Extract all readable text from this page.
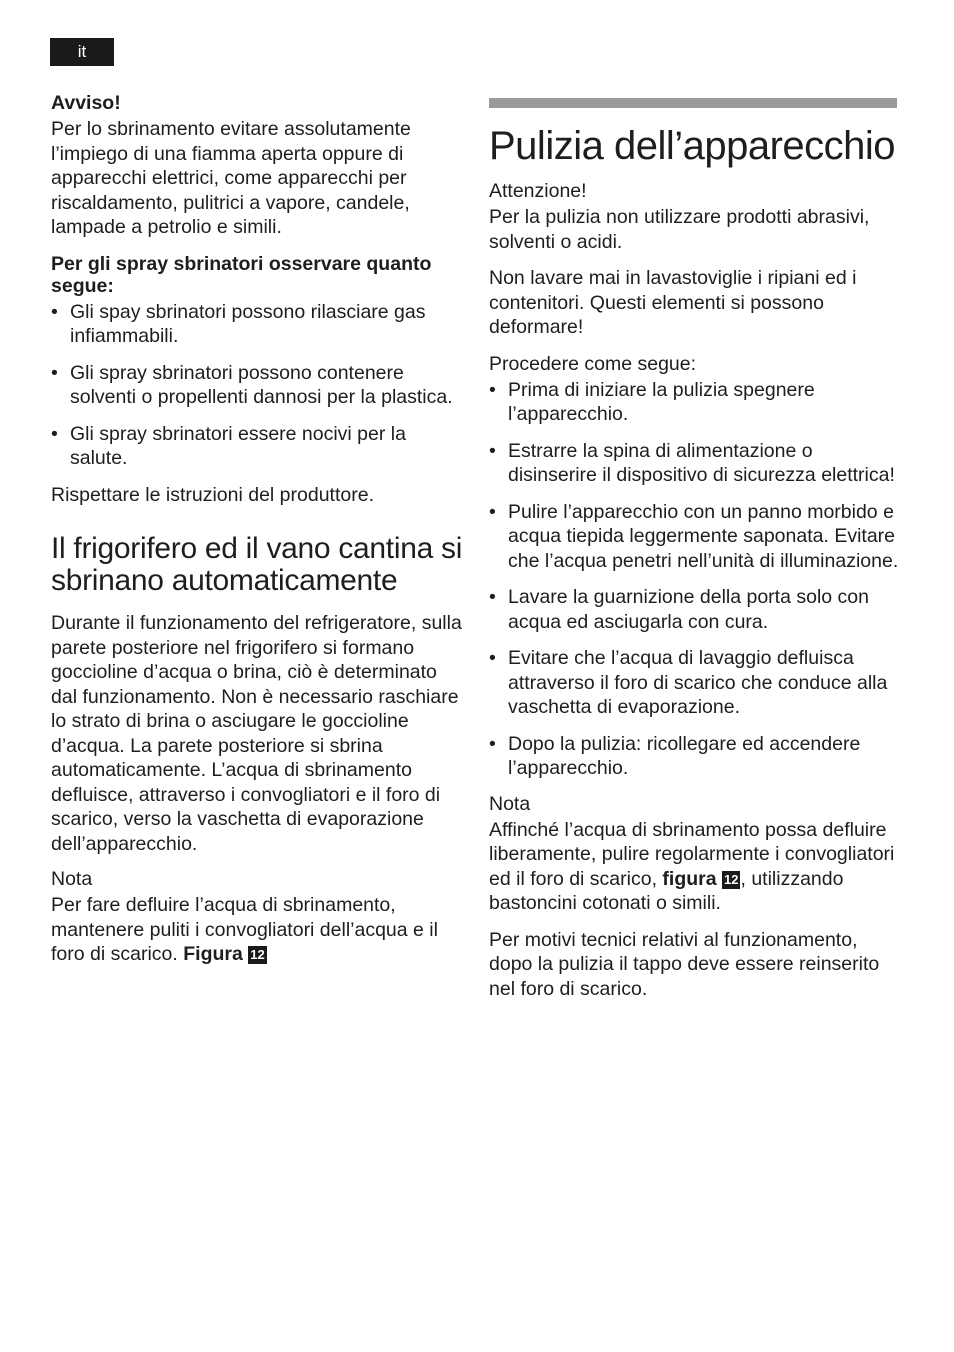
it

Avviso!

Per lo sbrinamento evitare assolutamente l’impiego di una fiamma aperta oppure di apparecchi elettrici, come apparecchi per riscaldamento, pulitrici a vapore, candele, lampade a petrolio e simili.

Per gli spray sbrinatori osservare quanto segue:

• Gli spay sbrinatori possono rilasciare gas infiammabili.
• Gli spray sbrinatori possono contenere solventi o propellenti dannosi per la plastica.
• Gli spray sbrinatori essere nocivi per la salute.

Rispettare le istruzioni del produttore.

Il frigorifero ed il vano cantina si sbrinano automaticamente

Durante il funzionamento del refrigeratore, sulla parete posteriore nel frigorifero si formano goccioline d’acqua o brina, ciò è determinato dal funzionamento. Non è necessario raschiare lo strato di brina o asciugare le goccioline d’acqua. La parete posteriore si sbrina automaticamente. L’acqua di sbrinamento defluisce, attraverso i convogliatori e il foro di scarico, verso la vaschetta di evaporazione dell’apparecchio.

Nota

Per fare defluire l’acqua di sbrinamento, mantenere puliti i convogliatori dell’acqua e il foro di scarico. Figura 12

Pulizia dell’apparecchio

Attenzione!

Per la pulizia non utilizzare prodotti abrasivi, solventi o acidi.

Non lavare mai in lavastoviglie i ripiani ed i contenitori. Questi elementi si possono deformare!

Procedere come segue:

• Prima di iniziare la pulizia spegnere l’apparecchio.
• Estrarre la spina di alimentazione o disinserire il dispositivo di sicurezza elettrica!
• Pulire l’apparecchio con un panno morbido e acqua tiepida leggermente saponata. Evitare che l’acqua penetri nell’unità di illuminazione.
• Lavare la guarnizione della porta solo con acqua ed asciugarla con cura.
• Evitare che l’acqua di lavaggio defluisca attraverso il foro di scarico che conduce alla vaschetta di evaporazione.
• Dopo la pulizia: ricollegare ed accendere l’apparecchio.

Nota

Affinché l’acqua di sbrinamento possa defluire liberamente, pulire regolarmente i convogliatori ed il foro di scarico, figura 12 , utilizzando bastoncini cotonati o simili.

Per motivi tecnici relativi al funzionamento, dopo la pulizia il tappo deve essere reinserito nel foro di scarico.
